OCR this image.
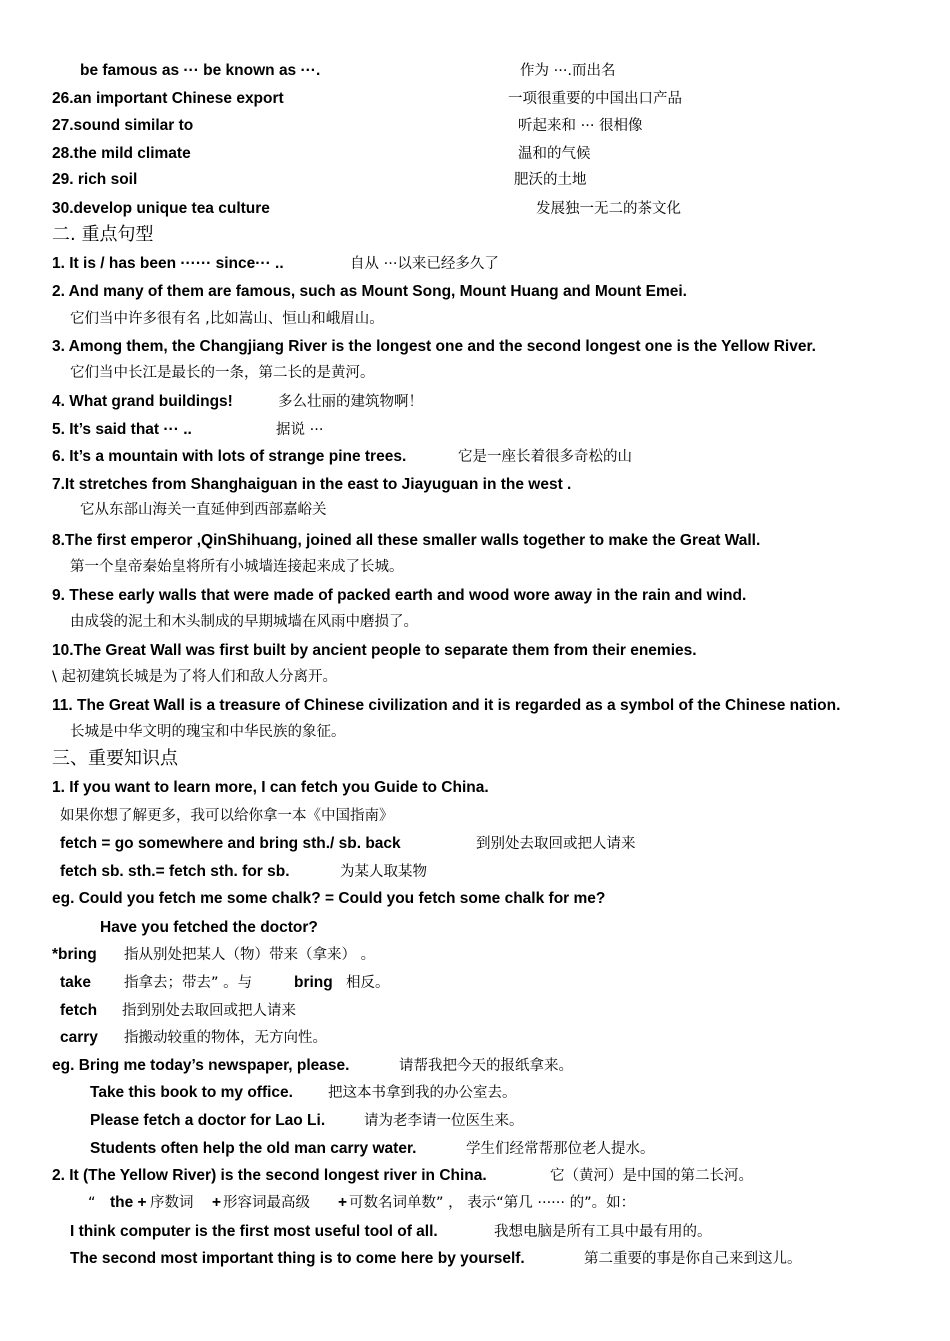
be famous as ··· be known as ···.	作为 ···.而出名
26.an important Chinese export	一项很重要的中国出口产品
27.sound similar to	听起来和 ··· 很相像
28.the mild climate	温和的气候
29. rich soil	肥沃的土地
30.develop unique tea culture	发展独一无二的茶文化
二. 重点句型
1. It is / has been ······ since··· ..	自从 ···以来已经多久了
2. And many of them are famous, such as Mount Song, Mount Huang and Mount Emei.
它们当中许多很有名 ,比如嵩山、恒山和峨眉山。
3. Among them, the Changjiang River is the longest one and the second longest one is the Yellow River.
它们当中长江是最长的一条，第二长的是黄河。
4. What grand buildings!	多么壮丽的建筑物啊！
5. It’s said that ··· ..	据说 ···
6. It’s a mountain with lots of strange pine trees.	它是一座长着很多奇松的山
7.It stretches from Shanghaiguan in the east to Jiayuguan in the west .
它从东部山海关一直延伸到西部嘉峪关
8.The first emperor ,QinShihuang, joined all these smaller walls together to make the Great Wall.
第一个皇帝秦始皇将所有小城墙连接起来成了长城。
9. These early walls that were made of packed earth and wood wore away in the rain and wind.
由成袋的泥土和木头制成的早期城墙在风雨中磨损了。
10.The Great Wall was first built by ancient people to separate them from their enemies.
\ 起初建筑长城是为了将人们和敌人分离开。
11. The Great Wall is a treasure of Chinese civilization and it is regarded as a symbol of the Chinese nation.
长城是中华文明的瑰宝和中华民族的象征。
三、重要知识点
1. If you want to learn more, I can fetch you Guide to China.
如果你想了解更多，我可以给你拿一本《中国指南》
fetch = go somewhere and bring sth./ sb. back	到别处去取回或把人请来
fetch sb. sth.= fetch sth. for sb.	为某人取某物
eg. Could you fetch me some chalk? = Could you fetch some chalk for me?
Have you fetched the doctor?
*bring 指从别处把某人（物）带来（拿来） 。
take 指拿去；带去” 。与	bring 相反。
fetch 指到别处去取回或把人请来
carry 指搬动较重的物体，无方向性。
eg. Bring me today’s newspaper, please.	请帮我把今天的报纸拿来。
Take this book to my office. 把这本书拿到我的办公室去。
Please fetch a doctor for Lao Li.	请为老李请一位医生来。
Students often help the old man carry water.	学生们经常帮那位老人提水。
2. It (The Yellow River) is the second longest river in China.	它（黄河）是中国的第二长河。
“ the + 序数词 + 形容词最高级 + 可数名词单数” ， 表示“第几 ······ 的”。如：
I think computer is the first most useful tool of all.	我想电脑是所有工具中最有用的。
The second most important thing is to come here by yourself.	第二重要的事是你自己来到这儿。
